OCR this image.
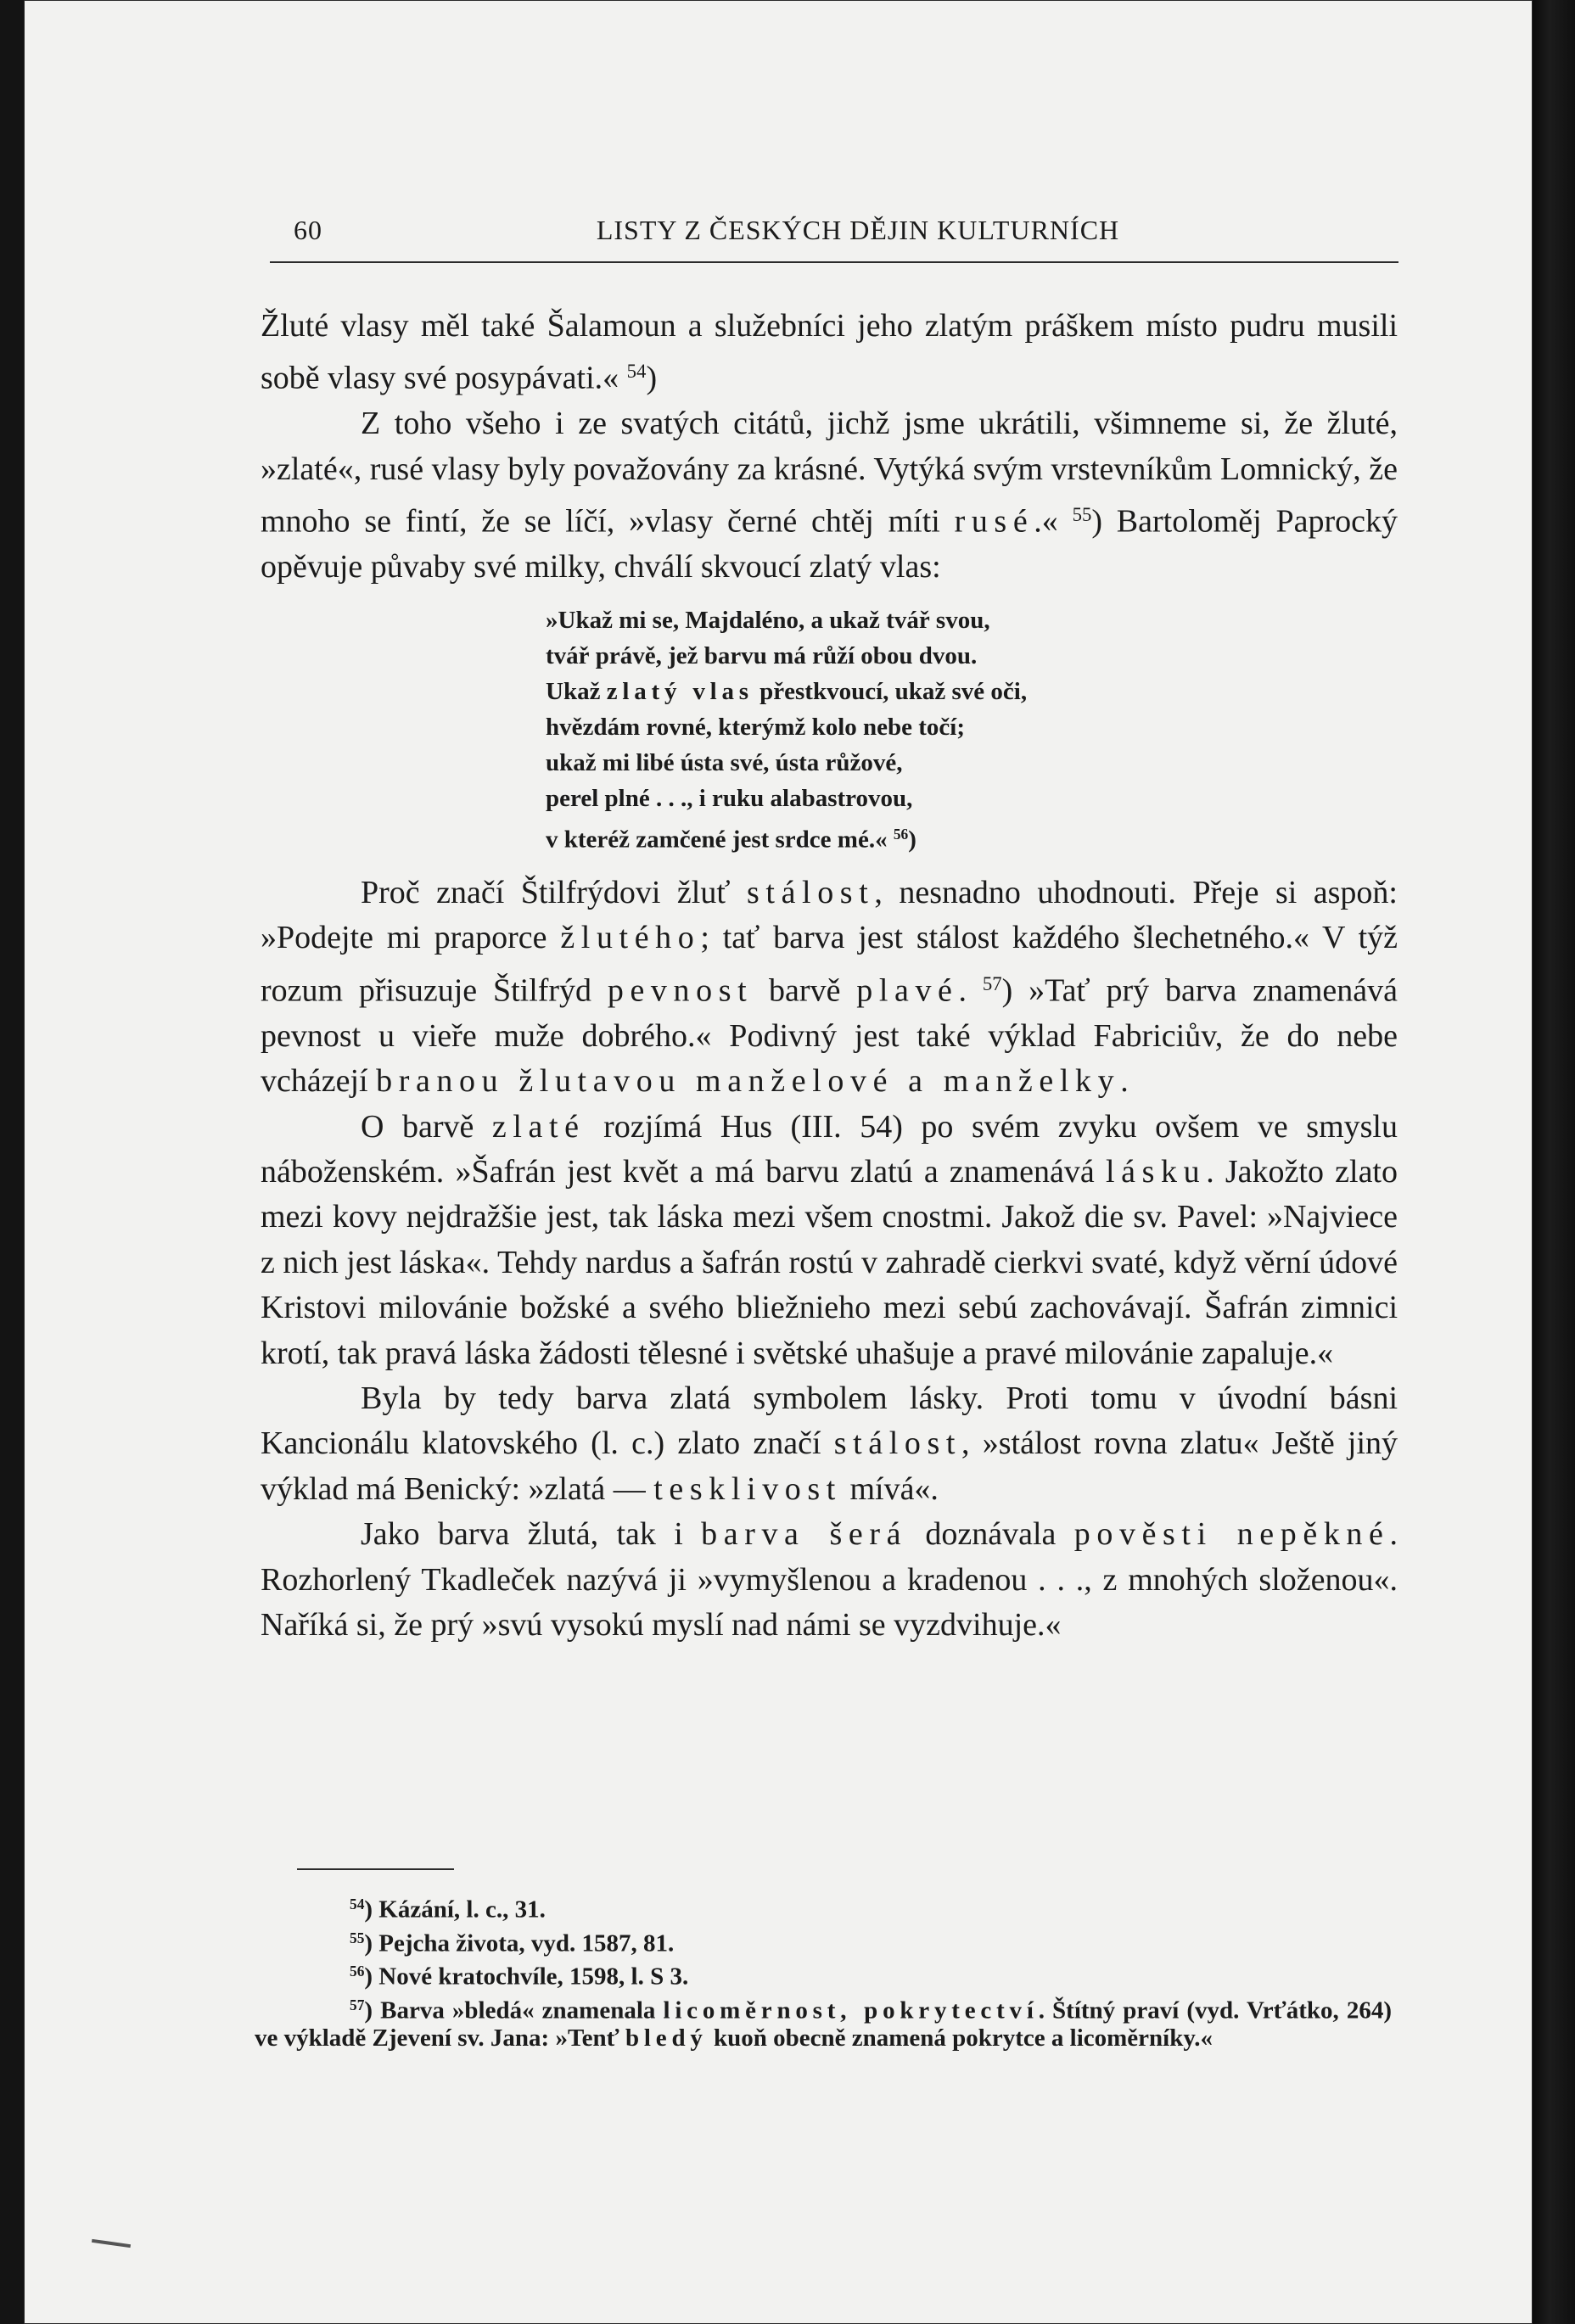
60	LISTY Z ČESKÝCH DĚJIN KULTURNÍCH

Žluté vlasy měl také Šalamoun a služebníci jeho zlatým práškem místo pudru musili sobě vlasy své posypávati.« $^{54}$)

Z toho všeho i ze svatých citátů, jichž jsme ukrátili, všimneme si, že žluté, »zlaté«, rusé vlasy byly považovány za krásné. Vytýká svým vrstevníkům Lomnický, že mnoho se fintí, že se líčí, »vlasy černé chtěj míti rusé.« $^{55}$) Bartoloměj Paprocký opěvuje půvaby své milky, chválí skvoucí zlatý vlas:

»Ukaž mi se, Majdaléno, a ukaž tvář svou,
tvář právě, jež barvu má růží obou dvou.
Ukaž zlatý vlas přestkvoucí, ukaž své oči,
hvězdám rovné, kterýmž kolo nebe točí;
ukaž mi libé ústa své, ústa růžové,
perel plné . . ., i ruku alabastrovou,
v kteréž zamčené jest srdce mé.« $^{56}$)

Proč značí Štilfrýdovi žluť stálost, nesnadno uhodnouti. Přeje si aspoň: »Podejte mi praporce žlutého; tať barva jest stálost každého šlechetného.« V týž rozum přisuzuje Štilfrýd pevnost barvě plavé. $^{57}$) »Tať prý barva znamenává pevnost u vieře muže dobrého.« Podivný jest také výklad Fabriciův, že do nebe vcházejí branou žlutavou manželové a manželky.

O barvě zlaté rozjímá Hus (III. 54) po svém zvyku ovšem ve smyslu náboženském. »Šafrán jest květ a má barvu zlatú a znamenává lásku. Jakožto zlato mezi kovy nejdražšie jest, tak láska mezi všem cnostmi. Jakož die sv. Pavel: »Najviece z nich jest láska«. Tehdy nardus a šafrán rostú v zahradě cierkvi svaté, když věrní údové Kristovi milovánie božské a svého bliežnieho mezi sebú zachovávají. Šafrán zimnici krotí, tak pravá láska žádosti tělesné i světské uhašuje a pravé milovánie zapaluje.«

Byla by tedy barva zlatá symbolem lásky. Proti tomu v úvodní básni Kancionálu klatovského (l. c.) zlato značí stálost, »stálost rovna zlatu« Ještě jiný výklad má Benický: »zlatá — tesklivost mívá«.

Jako barva žlutá, tak i barva šerá doznávala pověsti nepěkné. Rozhorlený Tkadleček nazývá ji »vymyšlenou a kradenou . . ., z mnohých složenou«. Naříká si, že prý »svú vysokú myslí nad námi se vyzdvihuje.«

$^{54}$) Kázání, l. c., 31.

$^{55}$) Pejcha života, vyd. 1587, 81.

$^{56}$) Nové kratochvíle, 1598, l. S 3.

$^{57}$) Barva »bledá« znamenala licoměrnost, pokrytectví. Štítný praví (vyd. Vrťátko, 264) ve výkladě Zjevení sv. Jana: »Tenť bledý kuoň obecně znamená pokrytce a licoměrníky.«
